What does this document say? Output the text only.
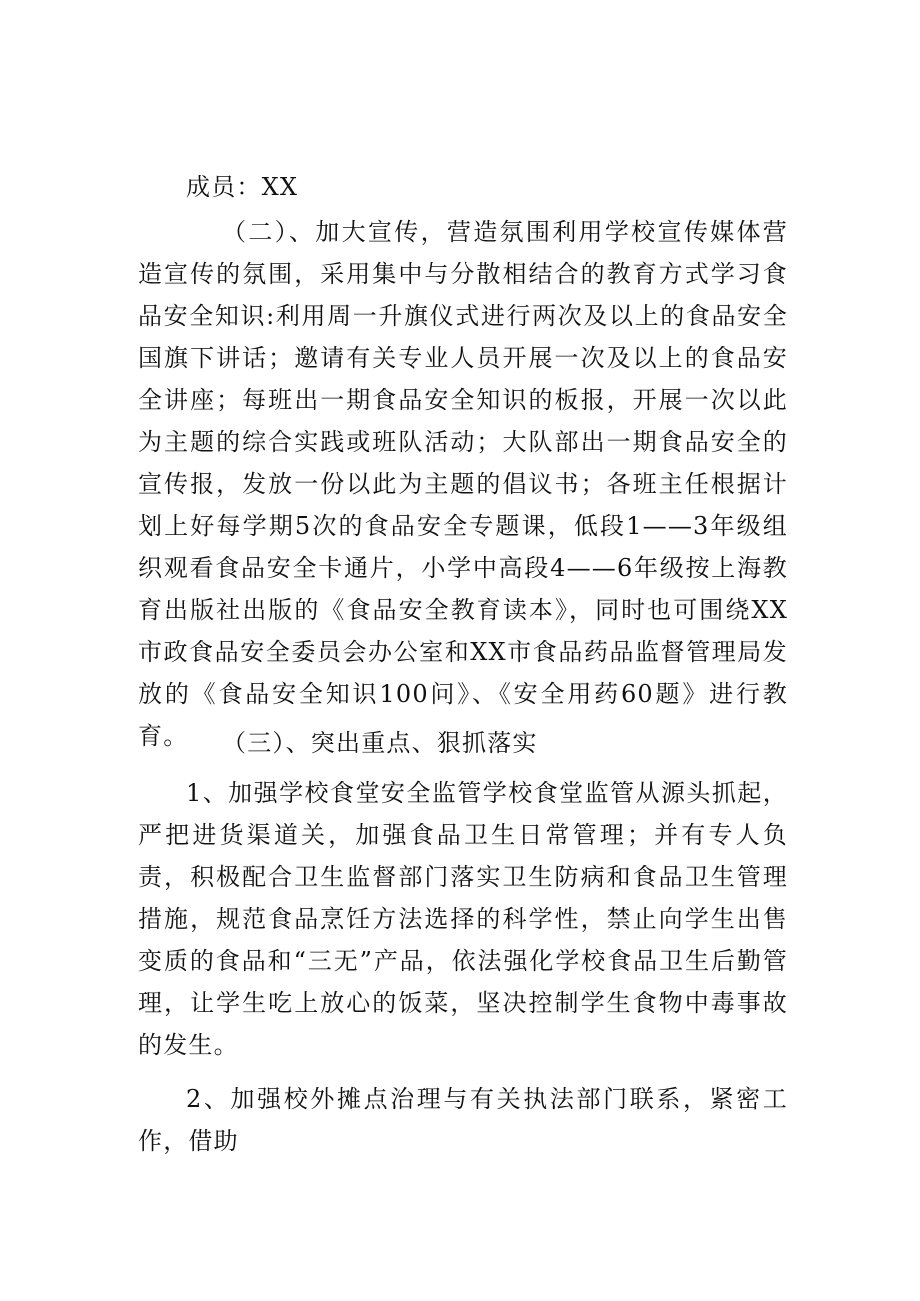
成员：XX

（二）、加大宣传，营造氛围利用学校宣传媒体营造宣传的氛围，采用集中与分散相结合的教育方式学习食品安全知识:利用周一升旗仪式进行两次及以上的食品安全国旗下讲话；邀请有关专业人员开展一次及以上的食品安全讲座；每班出一期食品安全知识的板报，开展一次以此为主题的综合实践或班队活动；大队部出一期食品安全的宣传报，发放一份以此为主题的倡议书；各班主任根据计划上好每学期5次的食品安全专题课，低段1——3年级组织观看食品安全卡通片，小学中高段4——6年级按上海教育出版社出版的《食品安全教育读本》，同时也可围绕XX市政食品安全委员会办公室和XX市食品药品监督管理局发放的《食品安全知识100问》、《安全用药60题》进行教育。	（三）、突出重点、狠抓落实

1、加强学校食堂安全监管学校食堂监管从源头抓起，严把进货渠道关，加强食品卫生日常管理；并有专人负责，积极配合卫生监督部门落实卫生防病和食品卫生管理措施，规范食品烹饪方法选择的科学性，禁止向学生出售变质的食品和“三无”产品，依法强化学校食品卫生后勤管理，让学生吃上放心的饭菜，坚决控制学生食物中毒事故的发生。

2、加强校外摊点治理与有关执法部门联系，紧密工作，借助
